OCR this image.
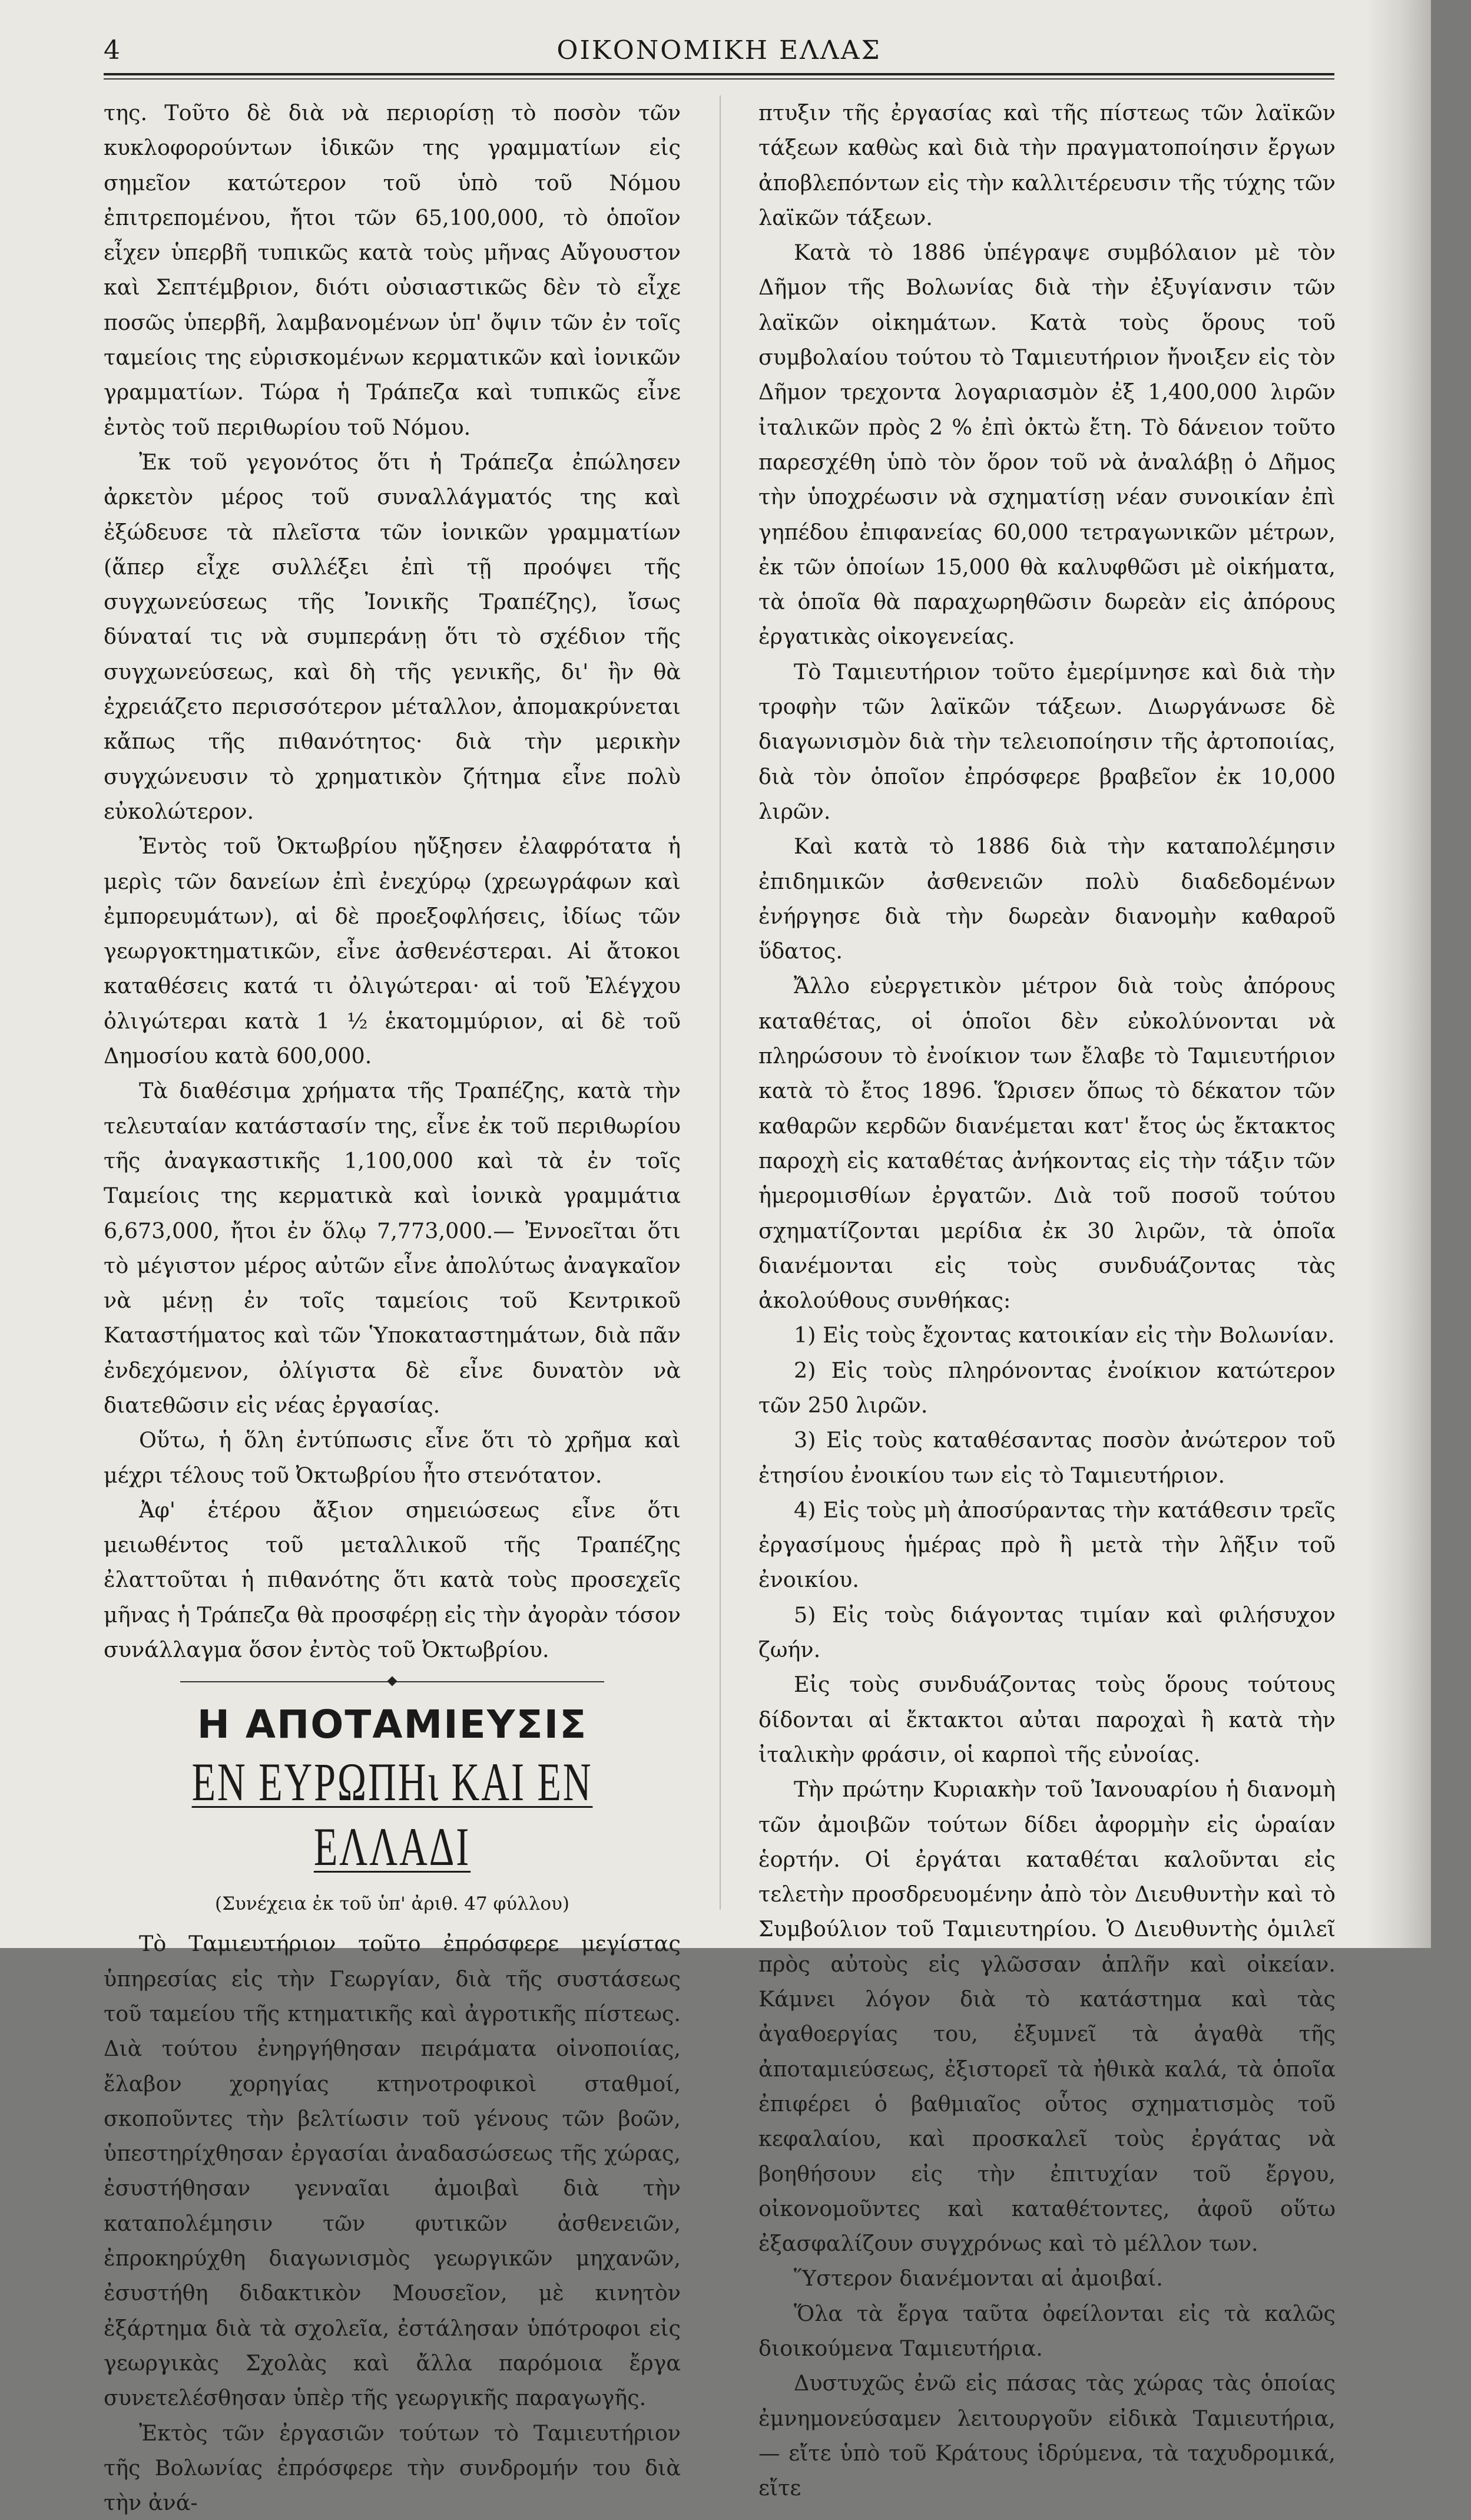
4	ΟΙΚΟΝΟΜΙΚΗ ΕΛΛΑΣ

της. Τοῦτο δὲ διὰ νὰ περιορίσῃ τὸ ποσὸν τῶν κυκλοφορούντων ἰδικῶν της γραμματίων εἰς σημεῖον κατώτερον τοῦ ὑπὸ τοῦ Νόμου ἐπιτρεπομένου, ἤτοι τῶν 65,100,000, τὸ ὁποῖον εἶχεν ὑπερβῆ τυπικῶς κατὰ τοὺς μῆνας Αὔγουστον καὶ Σεπτέμβριον, διότι οὐσιαστικῶς δὲν τὸ εἶχε ποσῶς ὑπερβῆ, λαμβανομένων ὑπ' ὄψιν τῶν ἐν τοῖς ταμείοις της εὑρισκομένων κερματικῶν καὶ ἰονικῶν γραμματίων. Τώρα ἡ Τράπεζα καὶ τυπικῶς εἶνε ἐντὸς τοῦ περιθωρίου τοῦ Νόμου.

Ἐκ τοῦ γεγονότος ὅτι ἡ Τράπεζα ἐπώλησεν ἀρκετὸν μέρος τοῦ συναλλάγματός της καὶ ἐξώδευσε τὰ πλεῖστα τῶν ἰονικῶν γραμματίων (ἅπερ εἶχε συλλέξει ἐπὶ τῇ προόψει τῆς συγχωνεύσεως τῆς Ἰονικῆς Τραπέζης), ἴσως δύναταί τις νὰ συμπεράνῃ ὅτι τὸ σχέδιον τῆς συγχωνεύσεως, καὶ δὴ τῆς γενικῆς, δι' ἣν θὰ ἐχρειάζετο περισσότερον μέταλλον, ἀπομακρύνεται κἄπως τῆς πιθανότητος· διὰ τὴν μερικὴν συγχώνευσιν τὸ χρηματικὸν ζήτημα εἶνε πολὺ εὐκολώτερον.

Ἐντὸς τοῦ Ὀκτωβρίου ηὔξησεν ἐλαφρότατα ἡ μερὶς τῶν δανείων ἐπὶ ἐνεχύρῳ (χρεωγράφων καὶ ἐμπορευμάτων), αἱ δὲ προεξοφλήσεις, ἰδίως τῶν γεωργοκτηματικῶν, εἶνε ἀσθενέστεραι. Αἱ ἄτοκοι καταθέσεις κατά τι ὀλιγώτεραι· αἱ τοῦ Ἐλέγχου ὀλιγώτεραι κατὰ 1 ½ ἑκατομμύριον, αἱ δὲ τοῦ Δημοσίου κατὰ 600,000.

Τὰ διαθέσιμα χρήματα τῆς Τραπέζης, κατὰ τὴν τελευταίαν κατάστασίν της, εἶνε ἐκ τοῦ περιθωρίου τῆς ἀναγκαστικῆς 1,100,000 καὶ τὰ ἐν τοῖς Ταμείοις της κερματικὰ καὶ ἰονικὰ γραμμάτια 6,673,000, ἤτοι ἐν ὅλῳ 7,773,000.— Ἐννοεῖται ὅτι τὸ μέγιστον μέρος αὐτῶν εἶνε ἀπολύτως ἀναγκαῖον νὰ μένῃ ἐν τοῖς ταμείοις τοῦ Κεντρικοῦ Καταστήματος καὶ τῶν Ὑποκαταστημάτων, διὰ πᾶν ἐνδεχόμενον, ὀλίγιστα δὲ εἶνε δυνατὸν νὰ διατεθῶσιν εἰς νέας ἐργασίας.

Οὕτω, ἡ ὅλη ἐντύπωσις εἶνε ὅτι τὸ χρῆμα καὶ μέχρι τέλους τοῦ Ὀκτωβρίου ἦτο στενότατον.

Ἀφ' ἑτέρου ἄξιον σημειώσεως εἶνε ὅτι μειωθέντος τοῦ μεταλλικοῦ τῆς Τραπέζης ἐλαττοῦται ἡ πιθανότης ὅτι κατὰ τοὺς προσεχεῖς μῆνας ἡ Τράπεζα θὰ προσφέρῃ εἰς τὴν ἀγορὰν τόσον συνάλλαγμα ὅσον ἐντὸς τοῦ Ὀκτωβρίου.

Η ΑΠΟΤΑΜΙΕΥΣΙΣ
ΕΝ ΕΥΡΩΠΗι ΚΑΙ ΕΝ ΕΛΛΑΔΙ
(Συνέχεια ἐκ τοῦ ὑπ' ἀριθ. 47 φύλλου)

Τὸ Ταμιευτήριον τοῦτο ἐπρόσφερε μεγίστας ὑπηρεσίας εἰς τὴν Γεωργίαν, διὰ τῆς συστάσεως τοῦ ταμείου τῆς κτηματικῆς καὶ ἀγροτικῆς πίστεως. Διὰ τούτου ἐνηργήθησαν πειράματα οἰνοποιίας, ἔλαβον χορηγίας κτηνοτροφικοὶ σταθμοί, σκοποῦντες τὴν βελτίωσιν τοῦ γένους τῶν βοῶν, ὑπεστηρίχθησαν ἐργασίαι ἀναδασώσεως τῆς χώρας, ἐσυστήθησαν γενναῖαι ἀμοιβαὶ διὰ τὴν καταπολέμησιν τῶν φυτικῶν ἀσθενειῶν, ἐπροκηρύχθη διαγωνισμὸς γεωργικῶν μηχανῶν, ἐσυστήθη διδακτικὸν Μουσεῖον, μὲ κινητὸν ἐξάρτημα διὰ τὰ σχολεῖα, ἐστάλησαν ὑπότροφοι εἰς γεωργικὰς Σχολὰς καὶ ἄλλα παρόμοια ἔργα συνετελέσθησαν ὑπὲρ τῆς γεωργικῆς παραγωγῆς.

Ἐκτὸς τῶν ἐργασιῶν τούτων τὸ Ταμιευτήριον τῆς Βολωνίας ἐπρόσφερε τὴν συνδρομήν του διὰ τὴν ἀνά-

πτυξιν τῆς ἐργασίας καὶ τῆς πίστεως τῶν λαϊκῶν τάξεων καθὼς καὶ διὰ τὴν πραγματοποίησιν ἔργων ἀποβλεπόντων εἰς τὴν καλλιτέρευσιν τῆς τύχης τῶν λαϊκῶν τάξεων.

Κατὰ τὸ 1886 ὑπέγραψε συμβόλαιον μὲ τὸν Δῆμον τῆς Βολωνίας διὰ τὴν ἐξυγίανσιν τῶν λαϊκῶν οἰκημάτων. Κατὰ τοὺς ὅρους τοῦ συμβολαίου τούτου τὸ Ταμιευτήριον ἤνοιξεν εἰς τὸν Δῆμον τρεχοντα λογαριασμὸν ἐξ 1,400,000 λιρῶν ἰταλικῶν πρὸς 2 % ἐπὶ ὀκτὼ ἔτη. Τὸ δάνειον τοῦτο παρεσχέθη ὑπὸ τὸν ὅρον τοῦ νὰ ἀναλάβῃ ὁ Δῆμος τὴν ὑποχρέωσιν νὰ σχηματίσῃ νέαν συνοικίαν ἐπὶ γηπέδου ἐπιφανείας 60,000 τετραγωνικῶν μέτρων, ἐκ τῶν ὁποίων 15,000 θὰ καλυφθῶσι μὲ οἰκήματα, τὰ ὁποῖα θὰ παραχωρηθῶσιν δωρεὰν εἰς ἀπόρους ἐργατικὰς οἰκογενείας.

Τὸ Ταμιευτήριον τοῦτο ἐμερίμνησε καὶ διὰ τὴν τροφὴν τῶν λαϊκῶν τάξεων. Διωργάνωσε δὲ διαγωνισμὸν διὰ τὴν τελειοποίησιν τῆς ἀρτοποιίας, διὰ τὸν ὁποῖον ἐπρόσφερε βραβεῖον ἐκ 10,000 λιρῶν.

Καὶ κατὰ τὸ 1886 διὰ τὴν καταπολέμησιν ἐπιδημικῶν ἀσθενειῶν πολὺ διαδεδομένων ἐνήργησε διὰ τὴν δωρεὰν διανομὴν καθαροῦ ὕδατος.

Ἄλλο εὐεργετικὸν μέτρον διὰ τοὺς ἀπόρους καταθέτας, οἱ ὁποῖοι δὲν εὐκολύνονται νὰ πληρώσουν τὸ ἐνοίκιον των ἔλαβε τὸ Ταμιευτήριον κατὰ τὸ ἔτος 1896. Ὥρισεν ὅπως τὸ δέκατον τῶν καθαρῶν κερδῶν διανέμεται κατ' ἔτος ὡς ἔκτακτος παροχὴ εἰς καταθέτας ἀνήκοντας εἰς τὴν τάξιν τῶν ἡμερομισθίων ἐργατῶν. Διὰ τοῦ ποσοῦ τούτου σχηματίζονται μερίδια ἐκ 30 λιρῶν, τὰ ὁποῖα διανέμονται εἰς τοὺς συνδυάζοντας τὰς ἀκολούθους συνθήκας:

1) Εἰς τοὺς ἔχοντας κατοικίαν εἰς τὴν Βολωνίαν.

2) Εἰς τοὺς πληρόνοντας ἐνοίκιον κατώτερον τῶν 250 λιρῶν.

3) Εἰς τοὺς καταθέσαντας ποσὸν ἀνώτερον τοῦ ἐτησίου ἐνοικίου των εἰς τὸ Ταμιευτήριον.

4) Εἰς τοὺς μὴ ἀποσύραντας τὴν κατάθεσιν τρεῖς ἐργασίμους ἡμέρας πρὸ ἢ μετὰ τὴν λῆξιν τοῦ ἐνοικίου.

5) Εἰς τοὺς διάγοντας τιμίαν καὶ φιλήσυχον ζωήν.

Εἰς τοὺς συνδυάζοντας τοὺς ὅρους τούτους δίδονται αἱ ἔκτακτοι αὐται παροχαὶ ἢ κατὰ τὴν ἰταλικὴν φράσιν, οἱ καρποὶ τῆς εὐνοίας.

Τὴν πρώτην Κυριακὴν τοῦ Ἰανουαρίου ἡ διανομὴ τῶν ἀμοιβῶν τούτων δίδει ἀφορμὴν εἰς ὡραίαν ἑορτήν. Οἱ ἐργάται καταθέται καλοῦνται εἰς τελετὴν προσδρευομένην ἀπὸ τὸν Διευθυντὴν καὶ τὸ Συμβούλιον τοῦ Ταμιευτηρίου. Ὁ Διευθυντὴς ὁμιλεῖ πρὸς αὐτοὺς εἰς γλῶσσαν ἁπλῆν καὶ οἰκείαν. Κάμνει λόγον διὰ τὸ κατάστημα καὶ τὰς ἀγαθοεργίας του, ἐξυμνεῖ τὰ ἀγαθὰ τῆς ἀποταμιεύσεως, ἐξιστορεῖ τὰ ἠθικὰ καλά, τὰ ὁποῖα ἐπιφέρει ὁ βαθμιαῖος οὗτος σχηματισμὸς τοῦ κεφαλαίου, καὶ προσκαλεῖ τοὺς ἐργάτας νὰ βοηθήσουν εἰς τὴν ἐπιτυχίαν τοῦ ἔργου, οἰκονομοῦντες καὶ καταθέτοντες, ἀφοῦ οὕτω ἐξασφαλίζουν συγχρόνως καὶ τὸ μέλλον των.

Ὕστερον διανέμονται αἱ ἀμοιβαί.

Ὅλα τὰ ἔργα ταῦτα ὀφείλονται εἰς τὰ καλῶς διοικούμενα Ταμιευτήρια.

Δυστυχῶς ἐνῶ εἰς πάσας τὰς χώρας τὰς ὁποίας ἐμνημονεύσαμεν λειτουργοῦν εἰδικὰ Ταμιευτήρια, — εἴτε ὑπὸ τοῦ Κράτους ἱδρύμενα, τὰ ταχυδρομικά, εἴτε
